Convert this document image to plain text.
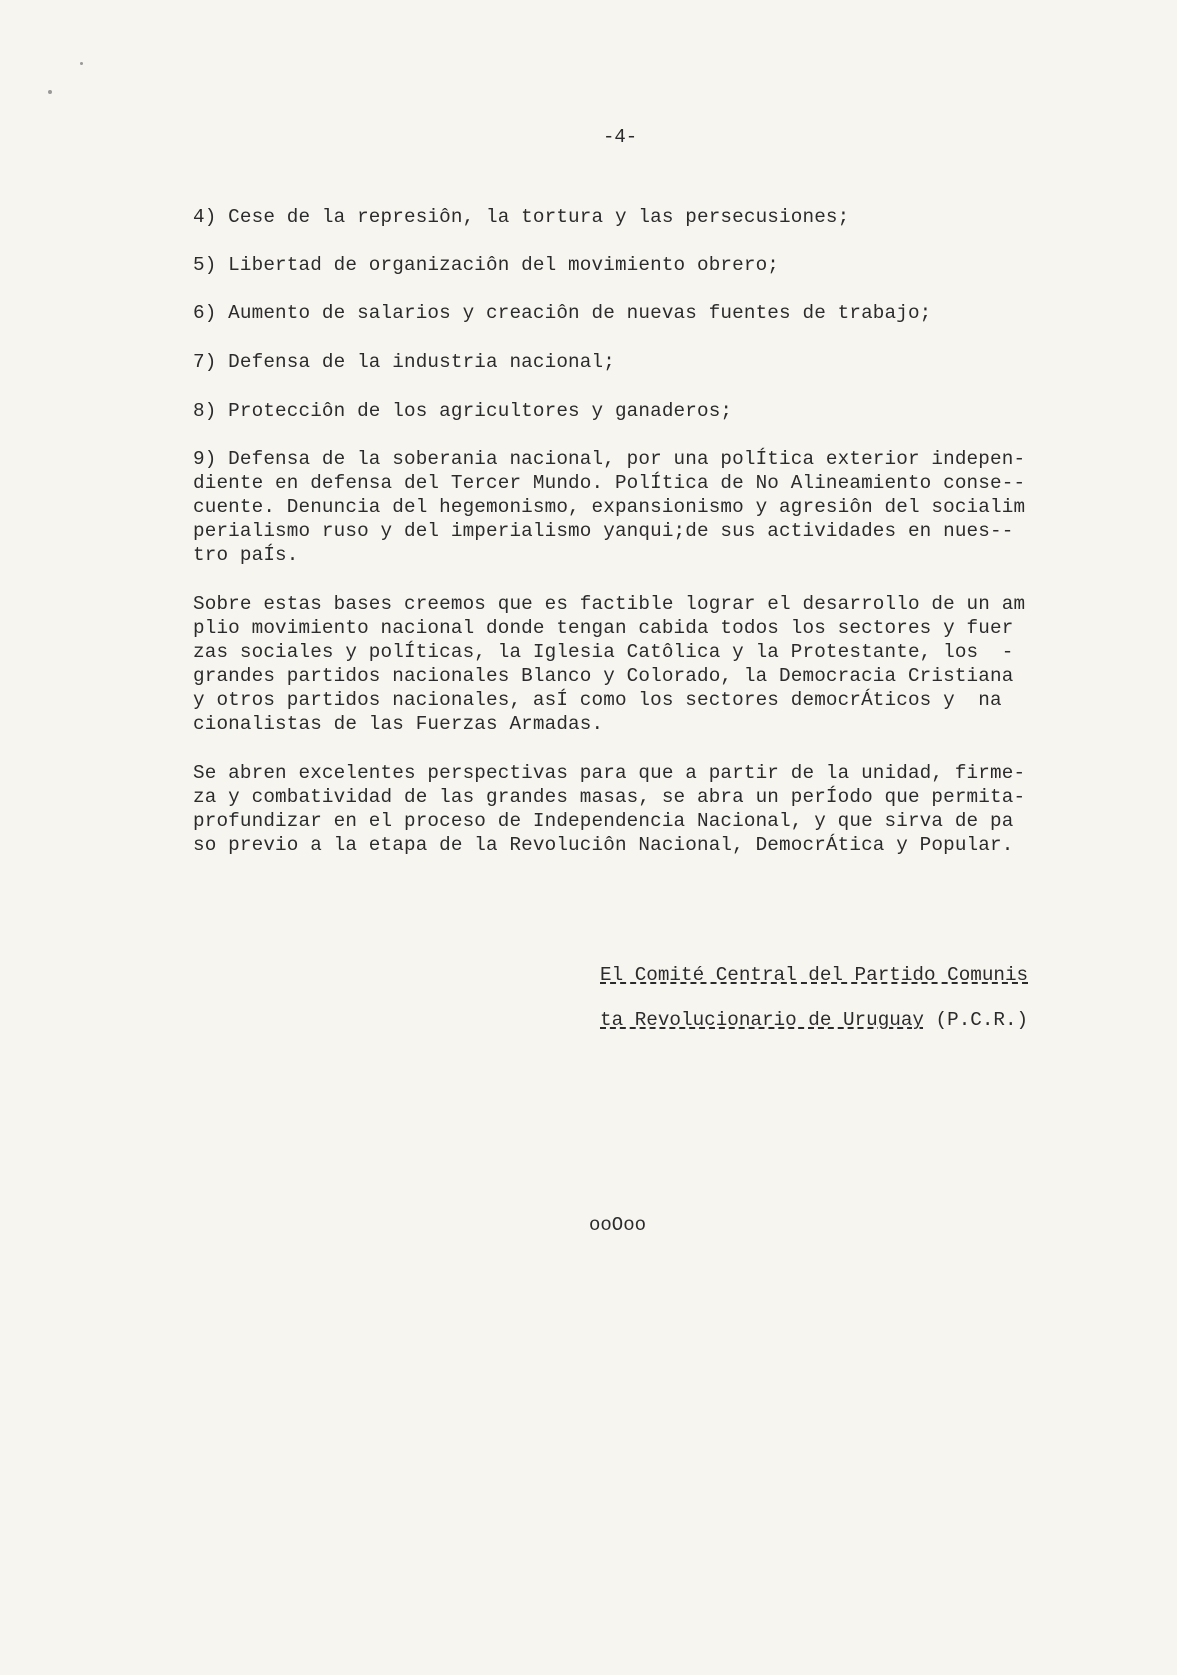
-4-
4) Cese de la represiôn, la tortura y las persecusiones;
5) Libertad de organizaciôn del movimiento obrero;
6) Aumento de salarios y creaciôn de nuevas fuentes de trabajo;
7) Defensa de la industria nacional;
8) Protecciôn de los agricultores y ganaderos;
9) Defensa de la soberania nacional, por una polÍtica exterior indepen-
diente en defensa del Tercer Mundo. PolÍtica de No Alineamiento conse--
cuente. Denuncia del hegemonismo, expansionismo y agresiôn del socialim
perialismo ruso y del imperialismo yanqui;de sus actividades en nues--
tro paÍs.
Sobre estas bases creemos que es factible lograr el desarrollo de un am
plio movimiento nacional donde tengan cabida todos los sectores y fuer
zas sociales y polÍticas, la Iglesia Catôlica y la Protestante, los  -
grandes partidos nacionales Blanco y Colorado, la Democracia Cristiana
y otros partidos nacionales, asÍ como los sectores democrÁticos y  na
cionalistas de las Fuerzas Armadas.
Se abren excelentes perspectivas para que a partir de la unidad, firme-
za y combatividad de las grandes masas, se abra un perÍodo que permita-
profundizar en el proceso de Independencia Nacional, y que sirva de pa
so previo a la etapa de la Revoluciôn Nacional, DemocrÁtica y Popular.
El Comité Central del Partido Comunis
ta Revolucionario de Uruguay (P.C.R.)
ooOoo
